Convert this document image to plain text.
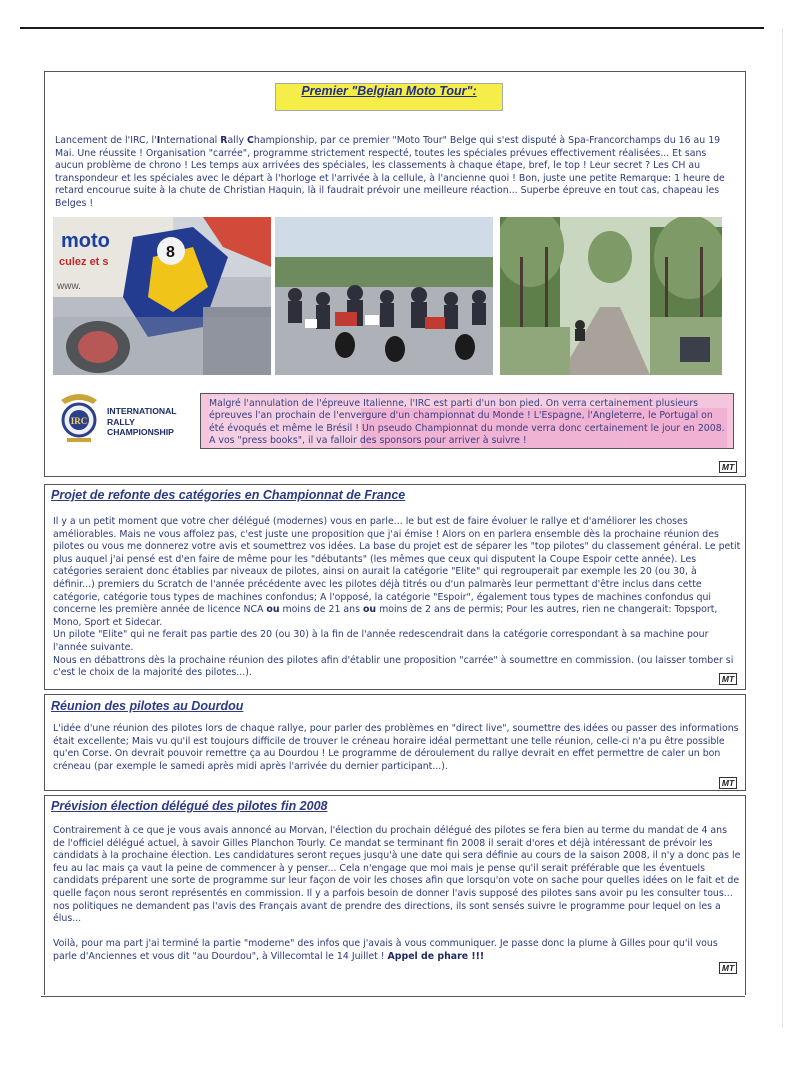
Premier "Belgian Moto Tour":

Lancement de l'IRC, l'International Rally Championship, par ce premier "Moto Tour" Belge qui s'est disputé à Spa-Francorchamps du 16 au 19 Mai. Une réussite ! Organisation "carrée", programme strictement respecté, toutes les spéciales prévues effectivement réalisées... Et sans aucun problème de chrono ! Les temps aux arrivées des spéciales, les classements à chaque étape, bref, le top ! Leur secret ? Les CH au transpondeur et les spéciales avec le départ à l'horloge et l'arrivée à la cellule, à l'ancienne quoi ! Bon, juste une petite Remarque: 1 heure de retard encourue suite à la chute de Christian Haquin, là il faudrait prévoir une meilleure réaction... Superbe épreuve en tout cas, chapeau les Belges !

moto
culez et s
www.
8
IRC
INTERNATIONAL
RALLY
CHAMPIONSHIP

Malgré l'annulation de l'épreuve Italienne, l'IRC est parti d'un bon pied. On verra certainement plusieurs épreuves l'an prochain de l'envergure d'un championnat du Monde ! L'Espagne, l'Angleterre, le Portugal on été évoqués et même le Brésil ! Un pseudo Championnat du monde verra donc certainement le jour en 2008. A vos "press books", il va falloir des sponsors pour arriver à suivre !

MT
Projet de refonte des catégories en Championnat de France

Il y a un petit moment que votre cher délégué (modernes) vous en parle... le but est de faire évoluer le rallye et d'améliorer les choses améliorables. Mais ne vous affolez pas, c'est juste une proposition que j'ai émise ! Alors on en parlera ensemble dès la prochaine réunion des pilotes ou vous me donnerez votre avis et soumettrez vos idées. La base du projet est de séparer les "top pilotes" du classement général. Le petit plus auquel j'ai pensé est d'en faire de même pour les "débutants" (les mêmes que ceux qui disputent la Coupe Espoir cette année). Les catégories seraient donc établies par niveaux de pilotes, ainsi on aurait la catégorie "Elite" qui regrouperait par exemple les 20 (ou 30, à définir...) premiers du Scratch de l'année précédente avec les pilotes déjà titrés ou d'un palmarès leur permettant d'être inclus dans cette catégorie, catégorie tous types de machines confondus; A l'opposé, la catégorie "Espoir", également tous types de machines confondus qui concerne les première année de licence NCA ou moins de 21 ans ou moins de 2 ans de permis; Pour les autres, rien ne changerait: Topsport, Mono, Sport et Sidecar.
Un pilote "Elite" qui ne ferait pas partie des 20 (ou 30) à la fin de l'année redescendrait dans la catégorie correspondant à sa machine pour l'année suivante.
Nous en débattrons dès la prochaine réunion des pilotes afin d'établir une proposition "carrée" à soumettre en commission. (ou laisser tomber si c'est le choix de la majorité des pilotes...).

MT
Réunion des pilotes au Dourdou

L'idée d'une réunion des pilotes lors de chaque rallye, pour parler des problèmes en "direct live", soumettre des idées ou passer des informations était excellente; Mais vu qu'il est toujours difficile de trouver le créneau horaire idéal permettant une telle réunion, celle-ci n'a pu être possible qu'en Corse. On devrait pouvoir remettre ça au Dourdou ! Le programme de déroulement du rallye devrait en effet permettre de caler un bon créneau (par exemple le samedi après midi après l'arrivée du dernier participant...).

MT
Prévision élection délégué des pilotes fin 2008

Contrairement à ce que je vous avais annoncé au Morvan, l'élection du prochain délégué des pilotes se fera bien au terme du mandat de 4 ans de l'officiel délégué actuel, à savoir Gilles Planchon Tourly. Ce mandat se terminant fin 2008 il serait d'ores et déjà intéressant de prévoir les candidats à la prochaine élection. Les candidatures seront reçues jusqu'à une date qui sera définie au cours de la saison 2008, il n'y a donc pas le feu au lac mais ça vaut la peine de commencer à y penser... Cela n'engage que moi mais je pense qu'il serait préférable que les éventuels candidats préparent une sorte de programme sur leur façon de voir les choses afin que lorsqu'on vote on sache pour quelles idées on le fait et de quelle façon nous seront représentés en commission. Il y a parfois besoin de donner l'avis supposé des pilotes sans avoir pu les consulter tous... nos politiques ne demandent pas l'avis des Français avant de prendre des directions, ils sont sensés suivre le programme pour lequel on les a élus...

Voilà, pour ma part j'ai terminé la partie "moderne" des infos que j'avais à vous communiquer. Je passe donc la plume à Gilles pour qu'il vous parle d'Anciennes et vous dit "au Dourdou", à Villecomtal le 14 Juillet ! Appel de phare !!!

MT
